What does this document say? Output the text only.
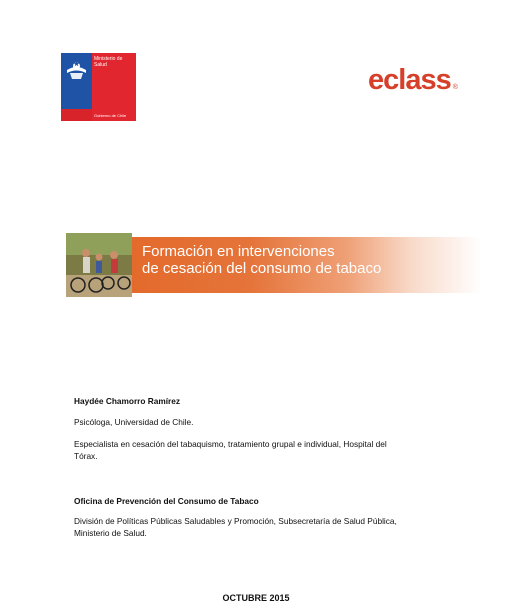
Ministerio de
Salud
Gobierno de Chile
eclass ®
Formación en intervenciones
de cesación del consumo de tabaco
Haydée Chamorro Ramírez
Psicóloga, Universidad de Chile.
Especialista en cesación del tabaquismo, tratamiento grupal e individual, Hospital del
Tórax.
Oficina de Prevención del Consumo de Tabaco
División de Políticas Públicas Saludables y Promoción, Subsecretaría de Salud Pública,
Ministerio de Salud.
OCTUBRE 2015
